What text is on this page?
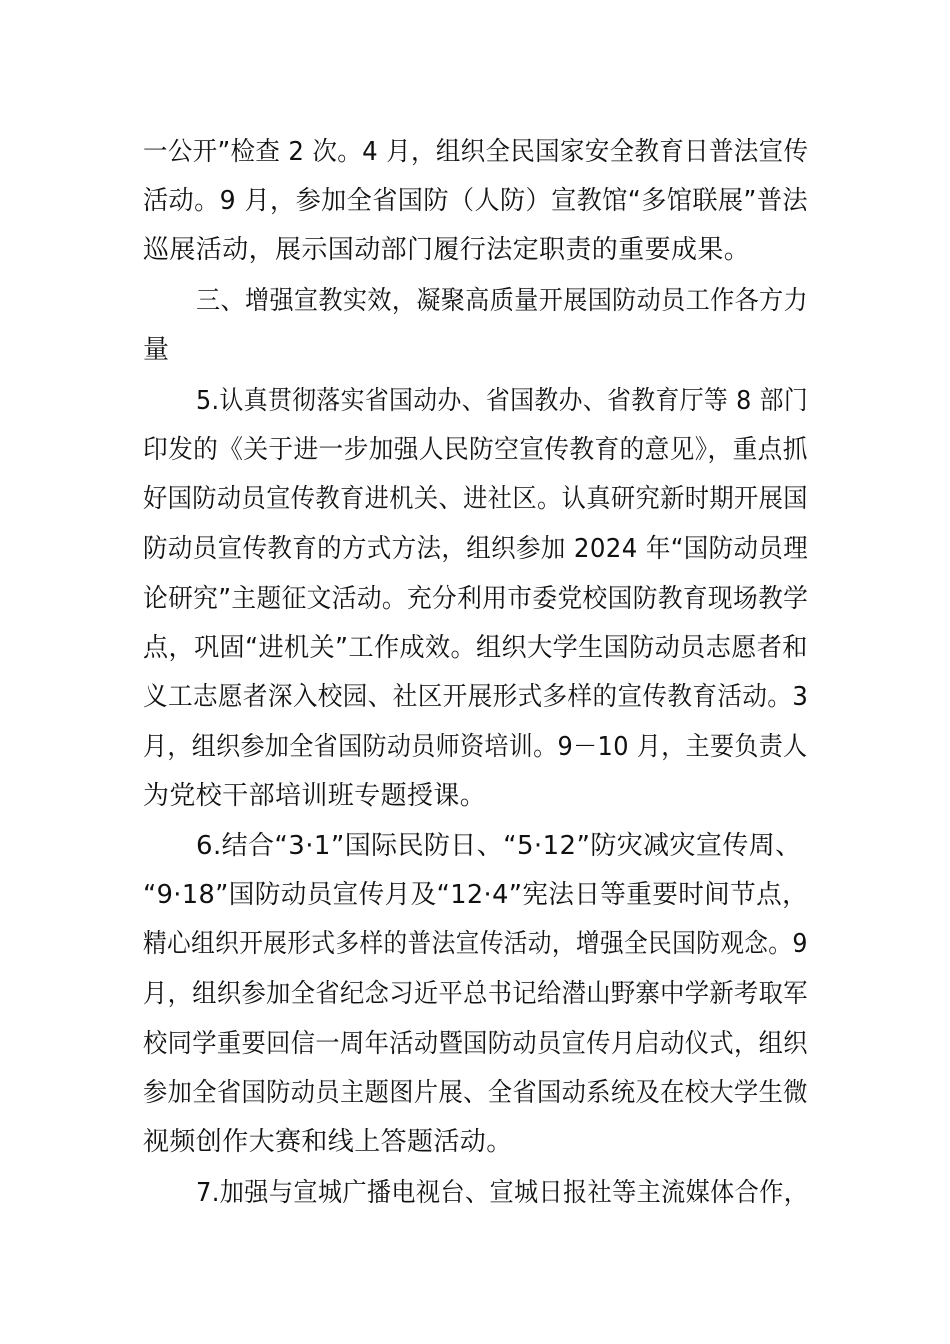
一公开”检查 2 次。4 月，组织全民国家安全教育日普法宣传
活动。9 月，参加全省国防（人防）宣教馆“多馆联展”普法
巡展活动，展示国动部门履行法定职责的重要成果。
三、增强宣教实效，凝聚高质量开展国防动员工作各方力
量
5.认真贯彻落实省国动办、省国教办、省教育厅等 8 部门
印发的《关于进一步加强人民防空宣传教育的意见》，重点抓
好国防动员宣传教育进机关、进社区。认真研究新时期开展国
防动员宣传教育的方式方法，组织参加 2024 年“国防动员理
论研究”主题征文活动。充分利用市委党校国防教育现场教学
点，巩固“进机关”工作成效。组织大学生国防动员志愿者和
义工志愿者深入校园、社区开展形式多样的宣传教育活动。3
月，组织参加全省国防动员师资培训。9－10 月，主要负责人
为党校干部培训班专题授课。
6.结合“3·1”国际民防日、“5·12”防灾减灾宣传周、
“9·18”国防动员宣传月及“12·4”宪法日等重要时间节点，
精心组织开展形式多样的普法宣传活动，增强全民国防观念。9
月，组织参加全省纪念习近平总书记给潜山野寨中学新考取军
校同学重要回信一周年活动暨国防动员宣传月启动仪式，组织
参加全省国防动员主题图片展、全省国动系统及在校大学生微
视频创作大赛和线上答题活动。
7.加强与宣城广播电视台、宣城日报社等主流媒体合作，
